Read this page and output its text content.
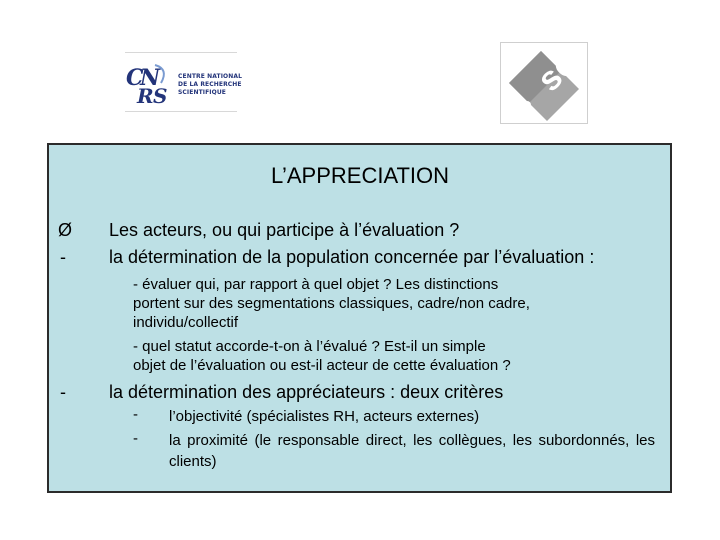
C
N
R S
CENTRE NATIONAL
DE LA RECHERCHE
SCIENTIFIQUE	se
L’APPRECIATION
Ø Les acteurs, ou qui participe à l’évaluation ?
- la détermination de la population concernée par l’évaluation :
- évaluer qui, par rapport à quel objet ? Les distinctions
portent sur des segmentations classiques, cadre/non cadre,
individu/collectif
- quel statut accorde-t-on à l’évalué ? Est-il un simple
objet de l’évaluation ou est-il acteur de cette évaluation ?
- la détermination des appréciateurs : deux critères
- l’objectivité (spécialistes RH, acteurs externes)
- la proximité (le responsable direct, les collègues, les subordonnés, les clients)
